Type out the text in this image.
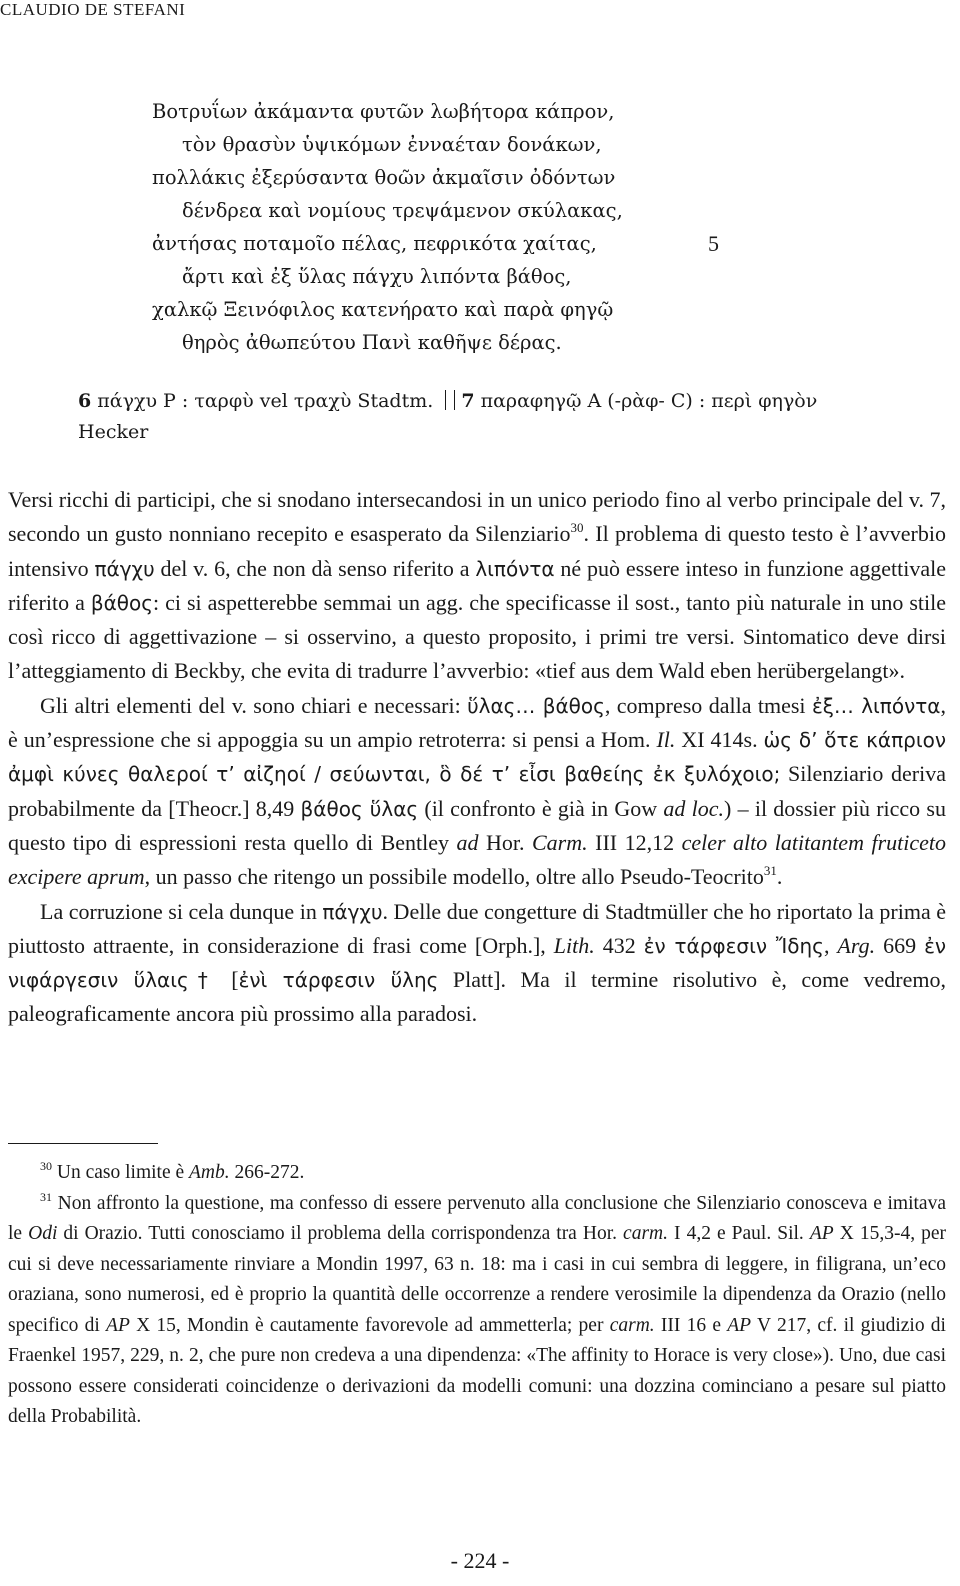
CLAUDIO DE STEFANI
Βοτρυΐων ἀκάμαντα φυτῶν λωβήτορα κάπρον,
τὸν θρασὺν ὑψικόμων ἐνναέταν δονάκων,
πολλάκις ἐξερύσαντα θοῶν ἀκμαῖσιν ὀδόντων
δένδρεα καὶ νομίους τρεψάμενον σκύλακας,
ἀντήσας ποταμοῖο πέλας, πεφρικότα χαίτας,
ἄρτι καὶ ἐξ ὕλας πάγχυ λιπόντα βάθος,
χαλκῷ Ξεινόφιλος κατενήρατο καὶ παρὰ φηγῷ
θηρὸς ἀθωπεύτου Πανὶ καθῆψε δέρας.
5
6 πάγχυ P : ταρφὺ vel τραχὺ Stadtm. 7 παραφηγῷ A (-ρὰφ- C) : περὶ φηγὸν Hecker

Versi ricchi di participi, che si snodano intersecandosi in un unico periodo fino al verbo principale del v. 7, secondo un gusto nonniano recepito e esasperato da Silenziario$^{30}$. Il problema di questo testo è l’avverbio intensivo πάγχυ del v. 6, che non dà senso riferito a λιπόντα né può essere inteso in funzione aggettivale riferito a βάθος: ci si aspetterebbe semmai un agg. che specificasse il sost., tanto più naturale in uno stile così ricco di aggettivazione – si osservino, a questo proposito, i primi tre versi. Sintomatico deve dirsi l’atteggiamento di Beckby, che evita di tradurre l’avverbio: «tief aus dem Wald eben herübergelangt».

Gli altri elementi del v. sono chiari e necessari: ὕλας… βάθος, compreso dalla tmesi ἐξ… λιπόντα, è un’espressione che si appoggia su un ampio retroterra: si pensi a Hom. Il. XI 414s. ὡς δ’ ὅτε κάπριον ἀμφὶ κύνες θαλεροί τ’ αἰζηοί / σεύωνται, ὃ δέ τ’ εἶσι βαθείης ἐκ ξυλόχοιο; Silenziario deriva probabilmente da [Theocr.] 8,49 βάθος ὕλας (il confronto è già in Gow ad loc.) – il dossier più ricco su questo tipo di espressioni resta quello di Bentley ad Hor. Carm. III 12,12 celer alto latitantem fruticeto excipere aprum, un passo che ritengo un possibile modello, oltre allo Pseudo-Teocrito$^{31}$.

La corruzione si cela dunque in πάγχυ. Delle due congetture di Stadtmüller che ho riportato la prima è piuttosto attraente, in considerazione di frasi come [Orph.], Lith. 432 ἐν τάρφεσιν Ἴδης, Arg. 669 ἐν νιφάργεσιν ὕλαις† [ἐνὶ τάρφεσιν ὕλης Platt]. Ma il termine risolutivo è, come vedremo, paleograficamente ancora più prossimo alla paradosi.

$^{30}$ Un caso limite è Amb. 266-272.

$^{31}$ Non affronto la questione, ma confesso di essere pervenuto alla conclusione che Silenziario conosceva e imitava le Odi di Orazio. Tutti conosciamo il problema della corrispondenza tra Hor. carm. I 4,2 e Paul. Sil. AP X 15,3-4, per cui si deve necessariamente rinviare a Mondin 1997, 63 n. 18: ma i casi in cui sembra di leggere, in filigrana, un’eco oraziana, sono numerosi, ed è proprio la quantità delle occorrenze a rendere verosimile la dipendenza da Orazio (nello specifico di AP X 15, Mondin è cautamente favorevole ad ammetterla; per carm. III 16 e AP V 217, cf. il giudizio di Fraenkel 1957, 229, n. 2, che pure non credeva a una dipendenza: «The affinity to Horace is very close»). Uno, due casi possono essere considerati coincidenze o derivazioni da modelli comuni: una dozzina cominciano a pesare sul piatto della Probabilità.

- 224 -
